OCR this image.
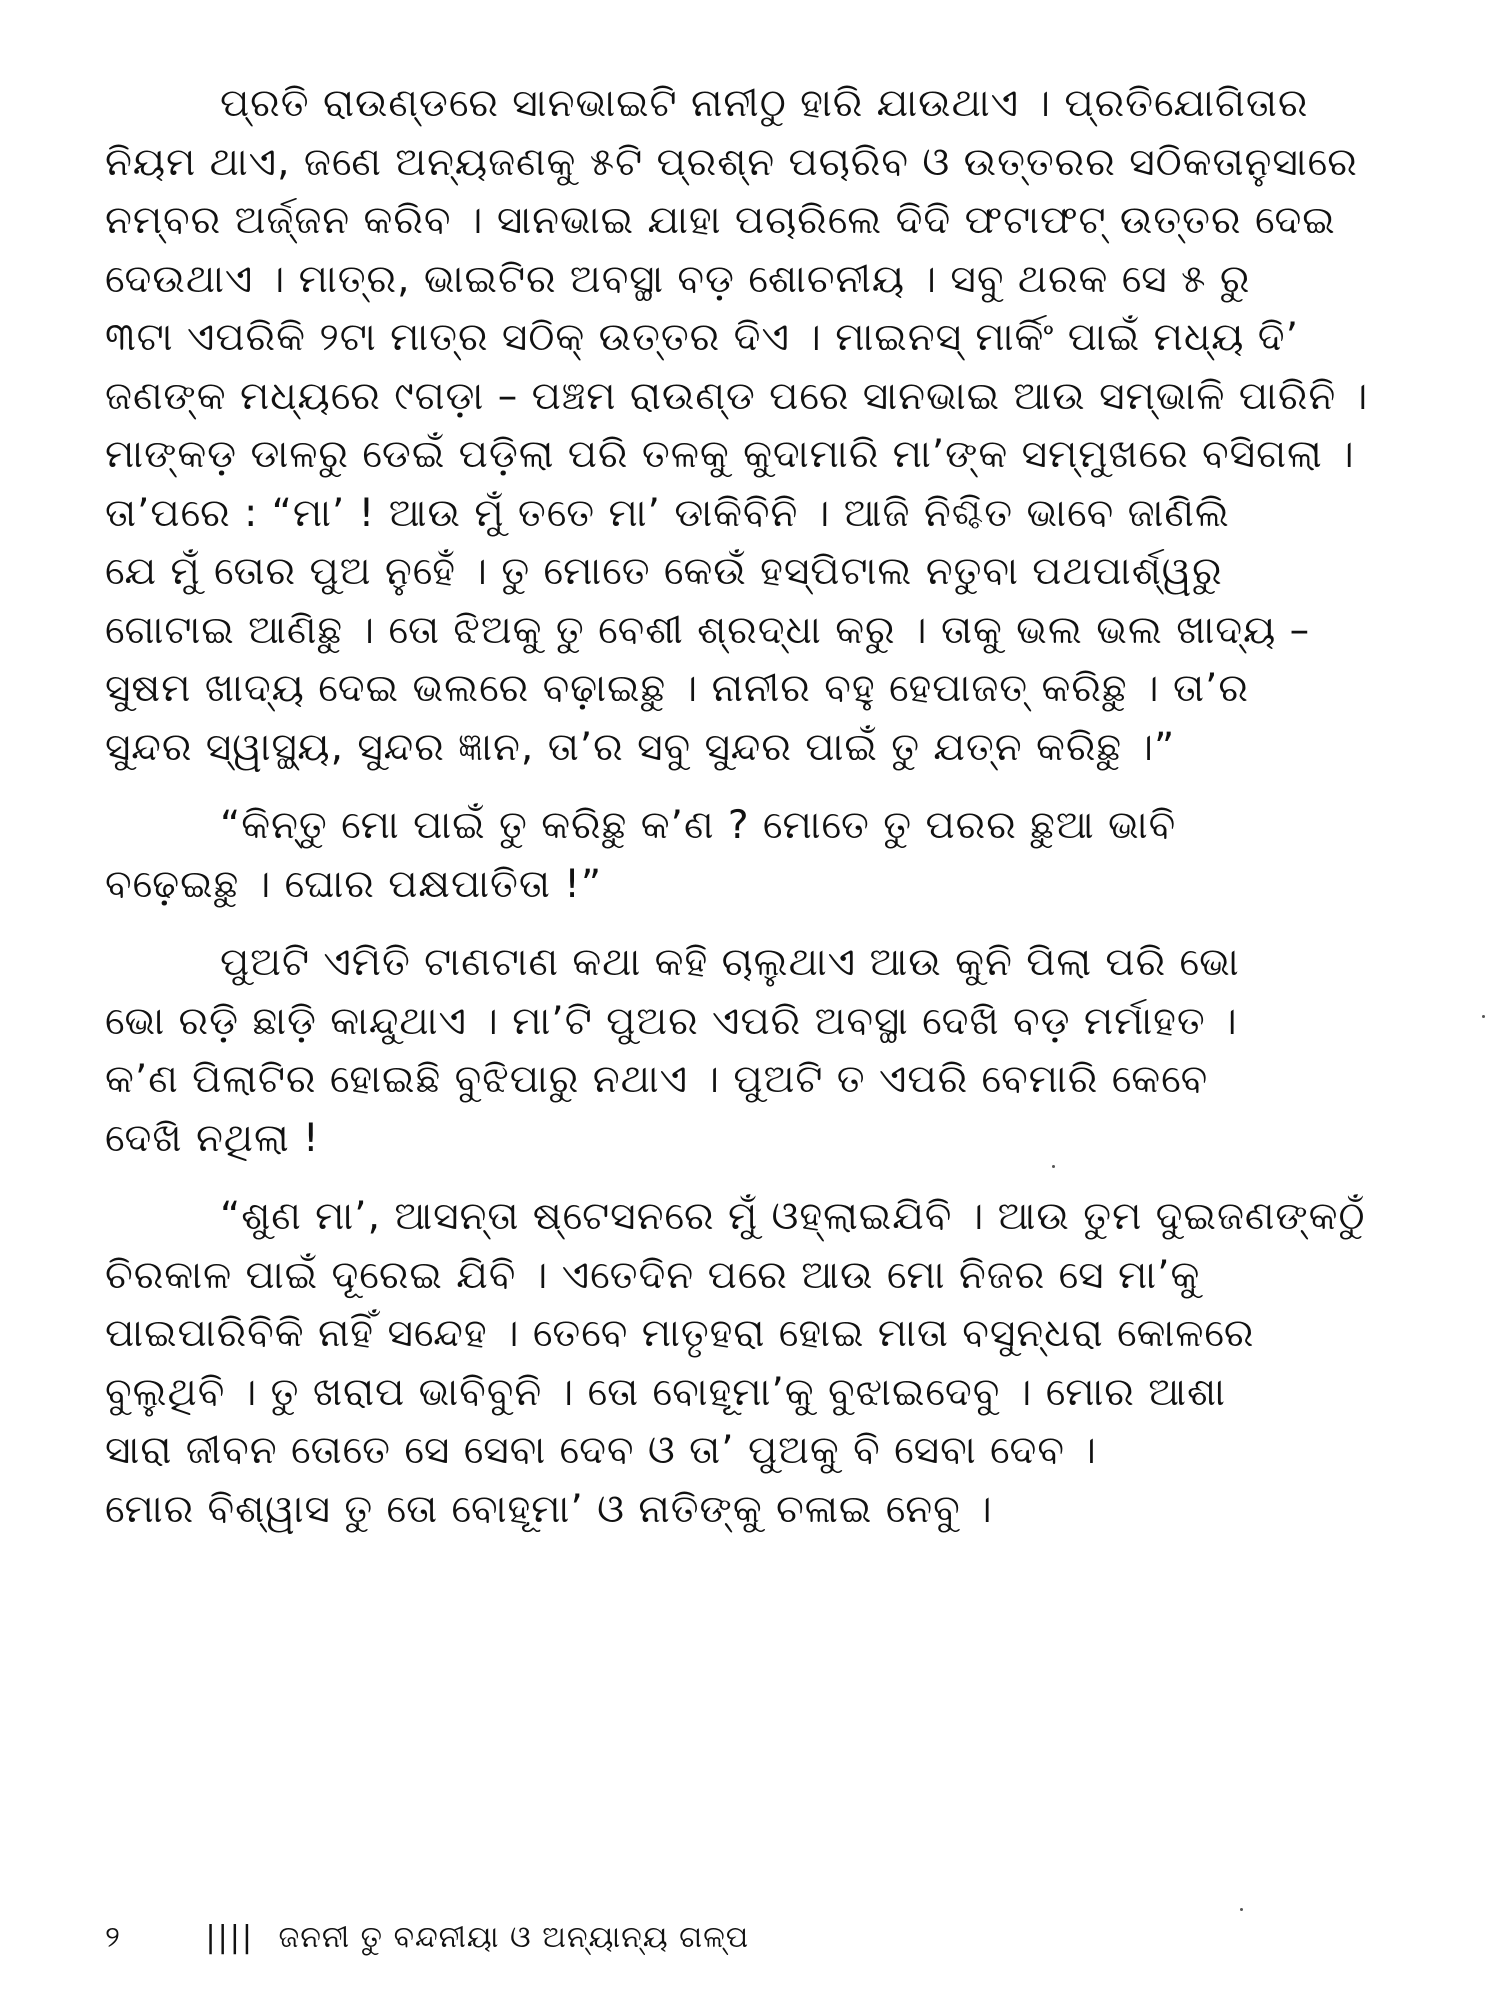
ପ୍ରତି ରାଉଣ୍ଡରେ ସାନଭାଇଟି ନାନୀଠୁ ହାରି ଯାଉଥାଏ । ପ୍ରତିଯୋଗିତାର
ନିୟମ ଥାଏ, ଜଣେ ଅନ୍ୟଜଣକୁ ୫ଟି ପ୍ରଶ୍ନ ପଚାରିବ ଓ ଉତ୍ତରର ସଠିକତାନୁସାରେ
ନମ୍ବର ଅର୍ଜ୍ଜନ କରିବ । ସାନଭାଇ ଯାହା ପଚାରିଲେ ଦିଦି ଫଟାଫଟ୍ ଉତ୍ତର ଦେଇ
ଦେଉଥାଏ । ମାତ୍ର, ଭାଇଟିର ଅବସ୍ଥା ବଡ଼ ଶୋଚନୀୟ । ସବୁ ଥରକ ସେ ୫ ରୁ
୩ଟା ଏପରିକି ୨ଟା ମାତ୍ର ସଠିକ୍ ଉତ୍ତର ଦିଏ । ମାଇନସ୍ ମାର୍କିଂ ପାଇଁ ମଧ୍ୟ ଦି’
ଜଣଙ୍କ ମଧ୍ୟରେ ୯ଗଡ଼ା – ପଞ୍ଚମ ରାଉଣ୍ଡ ପରେ ସାନଭାଇ ଆଉ ସମ୍ଭାଳି ପାରିନି ।
ମାଙ୍କଡ଼ ଡାଳରୁ ଡେଇଁ ପଡ଼ିଲା ପରି ତଳକୁ କୁଦାମାରି ମା’ଙ୍କ ସମ୍ମୁଖରେ ବସିଗଲା ।
ତା’ପରେ : “ମା’ ! ଆଉ ମୁଁ ତତେ ମା’ ଡାକିବିନି । ଆଜି ନିଶ୍ଚିତ ଭାବେ ଜାଣିଲି
ଯେ ମୁଁ ତୋର ପୁଅ ନୁହେଁ । ତୁ ମୋତେ କେଉଁ ହସ୍ପିଟାଲ ନତୁବା ପଥପାର୍ଶ୍ୱରୁ
ଗୋଟାଇ ଆଣିଛୁ । ତୋ ଝିଅକୁ ତୁ ବେଶୀ ଶ୍ରଦ୍ଧା କରୁ । ତାକୁ ଭଲ ଭଲ ଖାଦ୍ୟ –
ସୁଷମ ଖାଦ୍ୟ ଦେଇ ଭଲରେ ବଢ଼ାଇଛୁ । ନାନୀର ବହୁ ହେପାଜତ୍ କରିଛୁ । ତା’ର
ସୁନ୍ଦର ସ୍ୱାସ୍ଥ୍ୟ, ସୁନ୍ଦର ଜ୍ଞାନ, ତା’ର ସବୁ ସୁନ୍ଦର ପାଇଁ ତୁ ଯତ୍ନ କରିଛୁ ।”
“କିନ୍ତୁ ମୋ ପାଇଁ ତୁ କରିଛୁ କ’ଣ ? ମୋତେ ତୁ ପରର ଛୁଆ ଭାବି
ବଢ଼େଇଛୁ । ଘୋର ପକ୍ଷପାତିତା !”
ପୁଅଟି ଏମିତି ଟାଣଟାଣ କଥା କହି ଚାଲୁଥାଏ ଆଉ କୁନି ପିଲା ପରି ଭୋ
ଭୋ ରଡ଼ି ଛାଡ଼ି କାନ୍ଦୁଥାଏ । ମା’ଟି ପୁଅର ଏପରି ଅବସ୍ଥା ଦେଖି ବଡ଼ ମର୍ମାହତ ।
କ’ଣ ପିଲାଟିର ହୋଇଛି ବୁଝିପାରୁ ନଥାଏ । ପୁଅଟି ତ ଏପରି ବେମାରି କେବେ
ଦେଖି ନଥିଲା !
“ଶୁଣ ମା’, ଆସନ୍ତା ଷ୍ଟେସନରେ ମୁଁ ଓହ୍ଲାଇଯିବି । ଆଉ ତୁମ ଦୁଇଜଣଙ୍କଠୁଁ
ଚିରକାଳ ପାଇଁ ଦୂରେଇ ଯିବି । ଏତେଦିନ ପରେ ଆଉ ମୋ ନିଜର ସେ ମା’କୁ
ପାଇପାରିବିକି ନାହିଁ ସନ୍ଦେହ । ତେବେ ମାତୃହରା ହୋଇ ମାତା ବସୁନ୍ଧରା କୋଳରେ
ବୁଲୁଥିବି । ତୁ ଖରାପ ଭାବିବୁନି । ତୋ ବୋହୂମା’କୁ ବୁଝାଇଦେବୁ । ମୋର ଆଶା
ସାରା ଜୀବନ ତୋତେ ସେ ସେବା ଦେବ ଓ ତା’ ପୁଅକୁ ବି ସେବା ଦେବ ।
ମୋର ବିଶ୍ୱାସ ତୁ ତୋ ବୋହୂମା’ ଓ ନାତିଙ୍କୁ ଚଳାଇ ନେବୁ ।
୨	|||| ଜନନୀ ତୁ ବନ୍ଦନୀୟା ଓ ଅନ୍ୟାନ୍ୟ ଗଳ୍ପ
